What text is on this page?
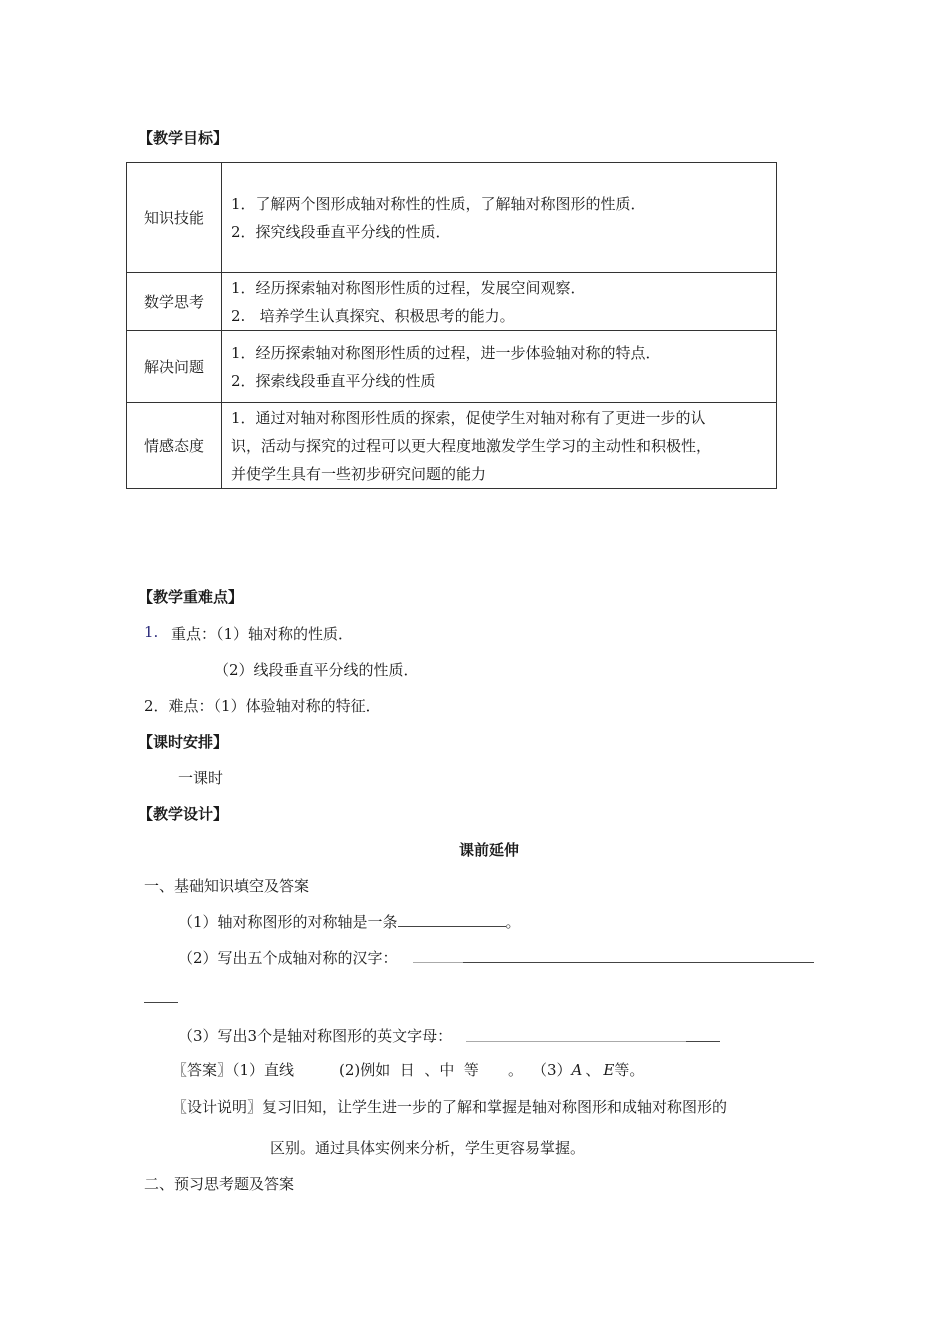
【教学目标】
知识技能	1．了解两个图形成轴对称性的性质，了解轴对称图形的性质．
2．探究线段垂直平分线的性质．

数学思考	1．经历探索轴对称图形性质的过程，发展空间观察．
2.   培养学生认真探究、积极思考的能力。

解决问题	1．经历探索轴对称图形性质的过程，进一步体验轴对称的特点．
2．探索线段垂直平分线的性质

情感态度	1．通过对轴对称图形性质的探索，促使学生对轴对称有了更进一步的认
识，活动与探究的过程可以更大程度地激发学生学习的主动性和积极性，
并使学生具有一些初步研究问题的能力
【教学重难点】
1. 重点：（1）轴对称的性质．
（2）线段垂直平分线的性质．
2．难点：（1）体验轴对称的特征．
【课时安排】
一课时
【教学设计】
课前延伸
一、基础知识填空及答案
（1）轴对称图形的对称轴是一条	。
（2）写出五个成轴对称的汉字：
（3）写出3个是轴对称图形的英文字母：
〖答案〗（1）直线	(2)例如  日  、中  等 。 （3）A 、 E等。
〖设计说明〗复习旧知，让学生进一步的了解和掌握是轴对称图形和成轴对称图形的
区别。通过具体实例来分析，学生更容易掌握。
二、预习思考题及答案
